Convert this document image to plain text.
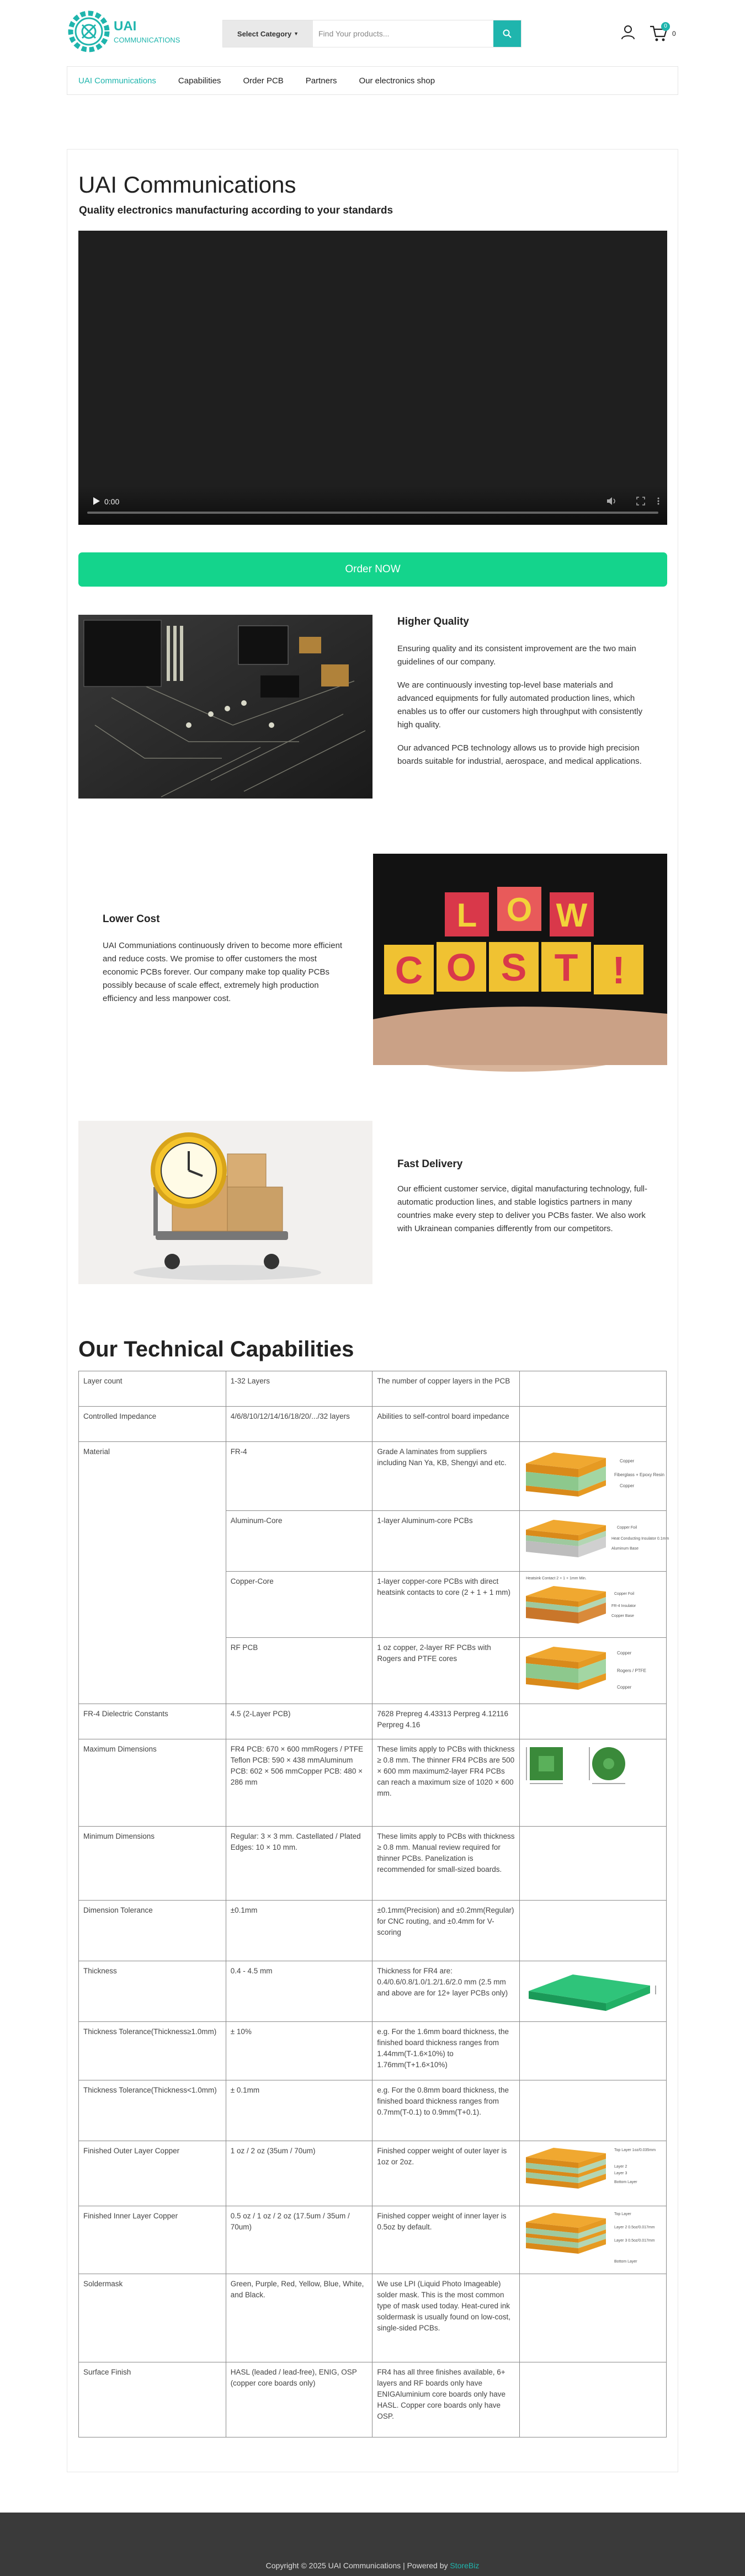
UAI
COMMUNICATIONS
Select Category ▼
Find Your products...
0
0
UAI Communications	Capabilities	Order PCB	Partners	Our electronics shop
UAI Communications
Quality electronics manufacturing according to your standards
0:00
Order NOW
Higher Quality

Ensuring quality and its consistent improvement are the two main guidelines of our company.

We are continuously investing top-level base materials and advanced equipments for fully automated production lines, which enables us to offer our customers high throughput with consistently high quality.

Our advanced PCB technology allows us to provide high precision boards suitable for industrial, aerospace, and medical applications.

Lower Cost

UAI Communiations continuously driven to become more efficient and reduce costs. We promise to offer customers the most economic PCBs forever. Our company make top quality PCBs possibly because of scale effect, extremely high production efficiency and less manpower cost.

L O W
C O S T !
Fast Delivery

Our efficient customer service, digital manufacturing technology, full-automatic production lines, and stable logistics partners in many countries make every step to deliver you PCBs faster. We also work with Ukrainean companies differently from our competitors.

Our Technical Capabilities
Layer count	1-32 Layers	The number of copper layers in the PCB	
Controlled Impedance	4/6/8/10/12/14/16/18/20/.../32 layers	Abilities to self-control board impedance	
Material	FR-4	Grade A laminates from suppliers including Nan Ya, KB, Shengyi and etc.	Copper
Fiberglass + Epoxy Resin
Copper

	Aluminum-Core	1-layer Aluminum-core PCBs	Copper Foil
Heat Conducting Insulator 0.1mm
Aluminum Base

	Copper-Core	1-layer copper-core PCBs with direct heatsink contacts to core (2 + 1 + 1 mm)	Heatsink Contact 2 + 1 + 1mm Min.
Copper Foil
FR-4 Insulator
Copper Base

	RF PCB	1 oz copper, 2-layer RF PCBs with Rogers and PTFE cores	Copper
Rogers / PTFE
Copper

FR-4 Dielectric Constants	4.5 (2-Layer PCB)	7628 Prepreg 4.43313 Perpreg 4.12116 Perpreg 4.16	
Maximum Dimensions	FR4 PCB: 670 × 600 mmRogers / PTFE Teflon PCB: 590 × 438 mmAluminum PCB: 602 × 506 mmCopper PCB: 480 × 286 mm	These limits apply to PCBs with thickness ≥ 0.8 mm. The thinner FR4 PCBs are 500 × 600 mm maximum2-layer FR4 PCBs can reach a maximum size of 1020 × 600 mm.	
Minimum Dimensions	Regular: 3 × 3 mm. Castellated / Plated Edges: 10 × 10 mm.	These limits apply to PCBs with thickness ≥ 0.8 mm. Manual review required for thinner PCBs. Panelization is recommended for small-sized boards.	
Dimension Tolerance	±0.1mm	±0.1mm(Precision) and ±0.2mm(Regular) for CNC routing, and ±0.4mm for V-scoring	
Thickness	0.4 - 4.5 mm	Thickness for FR4 are: 0.4/0.6/0.8/1.0/1.2/1.6/2.0 mm (2.5 mm and above are for 12+ layer PCBs only)	
Thickness Tolerance(Thickness≥1.0mm)	± 10%	e.g. For the 1.6mm board thickness, the finished board thickness ranges from 1.44mm(T-1.6×10%) to 1.76mm(T+1.6×10%)	
Thickness Tolerance(Thickness<1.0mm)	± 0.1mm	e.g. For the 0.8mm board thickness, the finished board thickness ranges from 0.7mm(T-0.1) to 0.9mm(T+0.1).	
Finished Outer Layer Copper	1 oz / 2 oz (35um / 70um)	Finished copper weight of outer layer is 1oz or 2oz.	Top Layer 1oz/0.035mm
Layer 2
Layer 3
Bottom Layer

Finished Inner Layer Copper	0.5 oz / 1 oz / 2 oz (17.5um / 35um / 70um)	Finished copper weight of inner layer is 0.5oz by default.	Top Layer
Layer 2 0.5oz/0.017mm
Layer 3 0.5oz/0.017mm
Bottom Layer

Soldermask	Green, Purple, Red, Yellow, Blue, White, and Black.	We use LPI (Liquid Photo Imageable) solder mask. This is the most common type of mask used today. Heat-cured ink soldermask is usually found on low-cost, single-sided PCBs.	
Surface Finish	HASL (leaded / lead-free), ENIG, OSP (copper core boards only)	FR4 has all three finishes available, 6+ layers and RF boards only have ENIGAluminium core boards only have HASL. Copper core boards only have OSP.	
Copyright © 2025 UAI Communications | Powered by StoreBiz
